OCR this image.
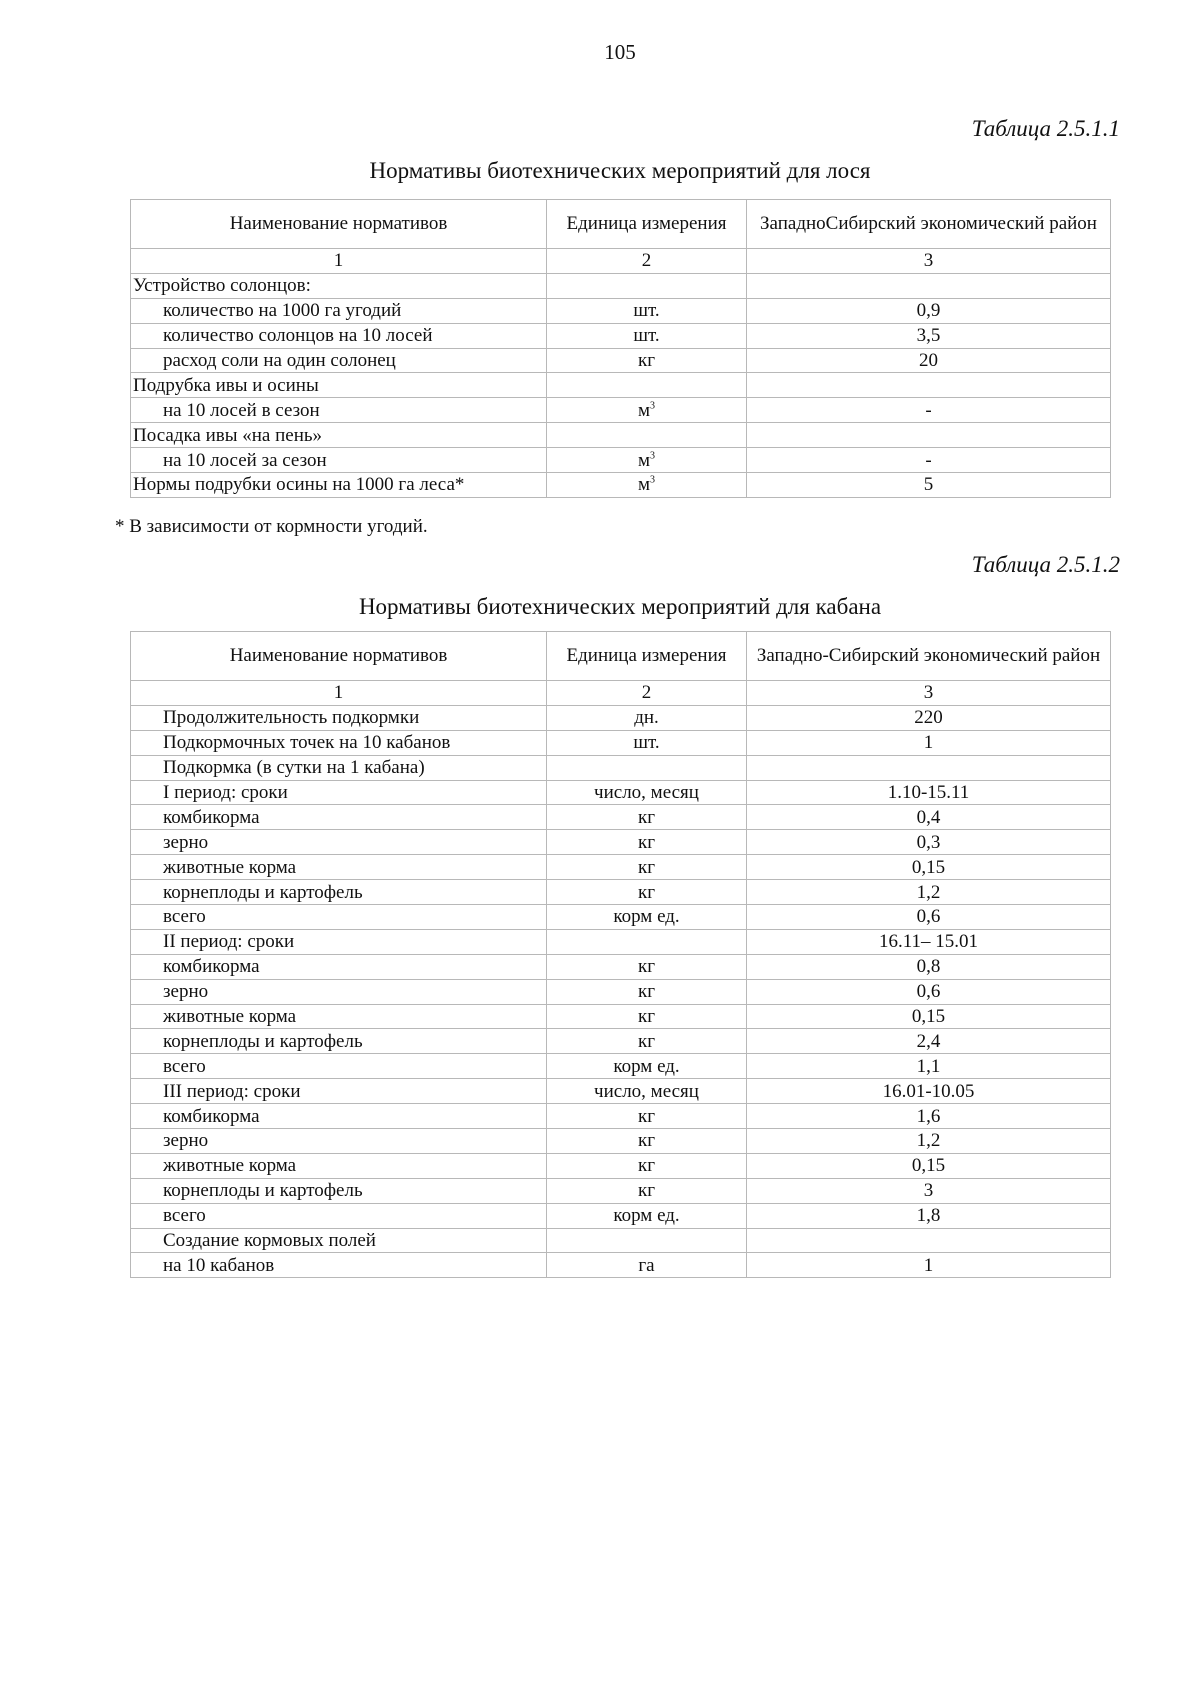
105
Таблица 2.5.1.1
Нормативы биотехнических мероприятий для лося
Наименование нормативов	Единица измерения	ЗападноСибирский экономический район
1	2	3
Устройство солонцов:		
количество на 1000 га угодий	шт.	0,9
количество солонцов на 10 лосей	шт.	3,5
расход соли на один солонец	кг	20
Подрубка ивы и осины		
на 10 лосей в сезон	$м^3$	-
Посадка ивы «на пень»		
на 10 лосей за сезон	$м^3$	-
Нормы подрубки осины на 1000 га леса*	$м^3$	5
* В зависимости от кормности угодий.
Таблица 2.5.1.2
Нормативы биотехнических мероприятий для кабана
Наименование нормативов	Единица измерения	Западно-Сибирский экономический район
1	2	3
Продолжительность подкормки	дн.	220
Подкормочных точек на 10 кабанов	шт.	1
Подкормка (в сутки на 1 кабана)		
I период: сроки	число, месяц	1.10-15.11
комбикорма	кг	0,4
зерно	кг	0,3
животные корма	кг	0,15
корнеплоды и картофель	кг	1,2
всего	корм ед.	0,6
II период: сроки		16.11– 15.01
комбикорма	кг	0,8
зерно	кг	0,6
животные корма	кг	0,15
корнеплоды и картофель	кг	2,4
всего	корм ед.	1,1
III период: сроки	число, месяц	16.01-10.05
комбикорма	кг	1,6
зерно	кг	1,2
животные корма	кг	0,15
корнеплоды и картофель	кг	3
всего	корм ед.	1,8
Создание кормовых полей		
на 10 кабанов	га	1
